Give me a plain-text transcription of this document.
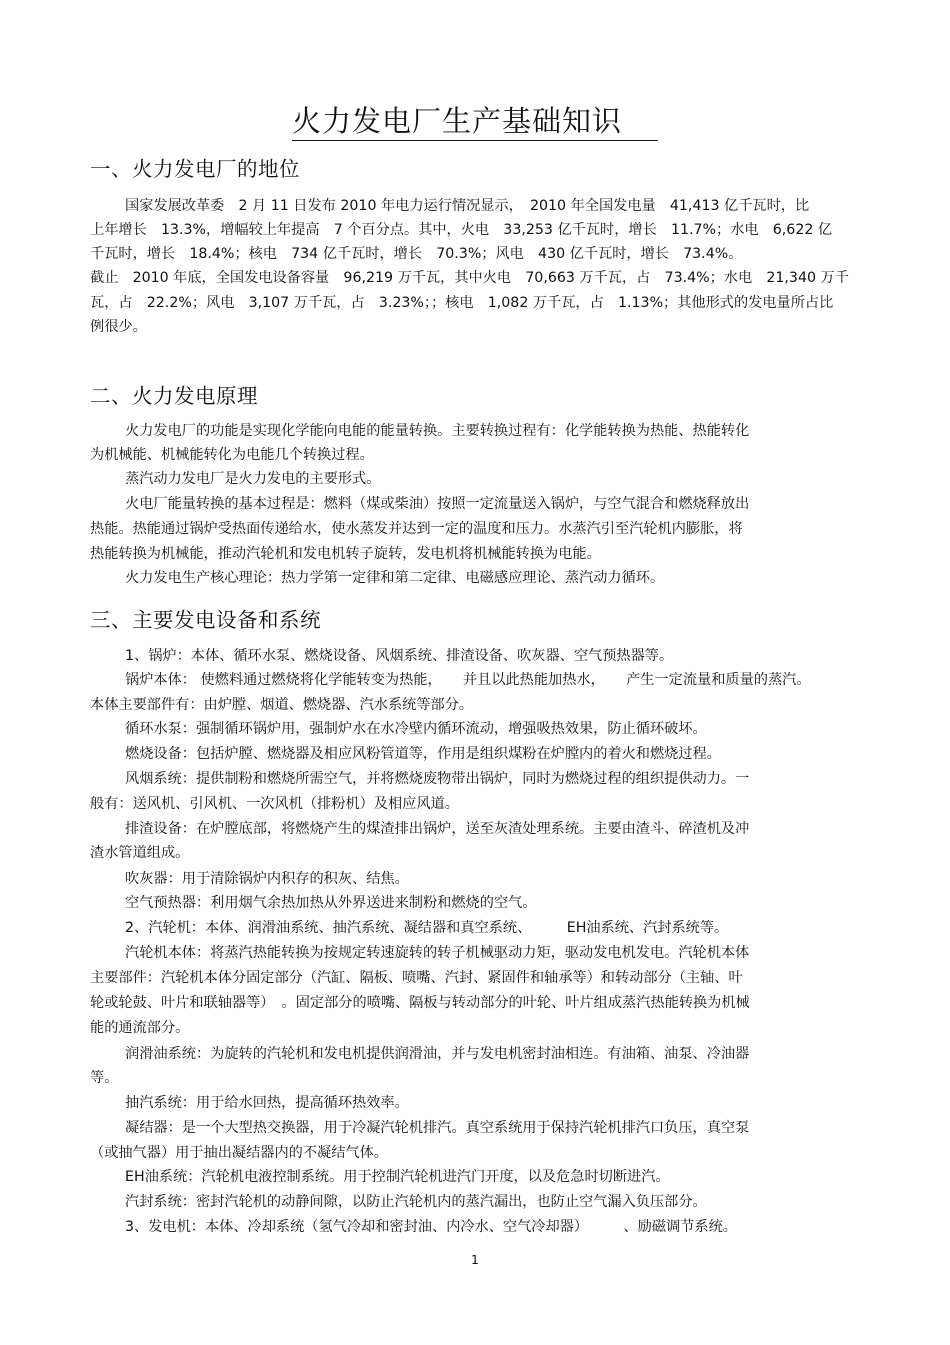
火力发电厂生产基础知识
一、火力发电厂的地位
二、火力发电原理
三、主要发电设备和系统
国家发展改革委　2 月 11 日发布 2010 年电力运行情况显示，　2010 年全国发电量　41,413 亿千瓦时，比
上年增长　13.3%，增幅较上年提高　7 个百分点。其中，火电　33,253 亿千瓦时，增长　11.7%；水电　6,622 亿
千瓦时，增长　18.4%；核电　734 亿千瓦时，增长　70.3%；风电　430 亿千瓦时，增长　73.4%。
截止　2010 年底，全国发电设备容量　96,219 万千瓦，其中火电　70,663 万千瓦，占　73.4%；水电　21,340 万千
瓦，占　22.2%；风电　3,107 万千瓦，占　3.23%；；核电　1,082 万千瓦，占　1.13%；其他形式的发电量所占比
例很少。
火力发电厂的功能是实现化学能向电能的能量转换。主要转换过程有：化学能转换为热能、热能转化
为机械能、机械能转化为电能几个转换过程。
蒸汽动力发电厂是火力发电的主要形式。
火电厂能量转换的基本过程是：燃料（煤或柴油）按照一定流量送入锅炉，与空气混合和燃烧释放出
热能。热能通过锅炉受热面传递给水，使水蒸发并达到一定的温度和压力。水蒸汽引至汽轮机内膨胀，将
热能转换为机械能，推动汽轮机和发电机转子旋转，发电机将机械能转换为电能。
火力发电生产核心理论：热力学第一定律和第二定律、电磁感应理论、蒸汽动力循环。
1、锅炉：本体、循环水泵、燃烧设备、风烟系统、排渣设备、吹灰器、空气预热器等。
锅炉本体： 使燃料通过燃烧将化学能转变为热能，　　并且以此热能加热水，　　产生一定流量和质量的蒸汽。
本体主要部件有：由炉膛、烟道、燃烧器、汽水系统等部分。
循环水泵：强制循环锅炉用，强制炉水在水冷壁内循环流动，增强吸热效果，防止循环破坏。
燃烧设备：包括炉膛、燃烧器及相应风粉管道等，作用是组织煤粉在炉膛内的着火和燃烧过程。
风烟系统：提供制粉和燃烧所需空气，并将燃烧废物带出锅炉，同时为燃烧过程的组织提供动力。一
般有：送风机、引风机、一次风机（排粉机）及相应风道。
排渣设备：在炉膛底部，将燃烧产生的煤渣排出锅炉，送至灰渣处理系统。主要由渣斗、碎渣机及冲
渣水管道组成。
吹灰器：用于清除锅炉内积存的积灰、结焦。
空气预热器：利用烟气余热加热从外界送进来制粉和燃烧的空气。
2、汽轮机：本体、润滑油系统、抽汽系统、凝结器和真空系统、　　　EH油系统、汽封系统等。
汽轮机本体：将蒸汽热能转换为按规定转速旋转的转子机械驱动力矩，驱动发电机发电。汽轮机本体
主要部件：汽轮机本体分固定部分（汽缸、隔板、喷嘴、汽封、紧固件和轴承等）和转动部分（主轴、叶
轮或轮鼓、叶片和联轴器等）　。固定部分的喷嘴、隔板与转动部分的叶轮、叶片组成蒸汽热能转换为机械
能的通流部分。
润滑油系统：为旋转的汽轮机和发电机提供润滑油，并与发电机密封油相连。有油箱、油泵、冷油器
等。
抽汽系统：用于给水回热，提高循环热效率。
凝结器：是一个大型热交换器，用于冷凝汽轮机排汽。真空系统用于保持汽轮机排汽口负压，真空泵
（或抽气器）用于抽出凝结器内的不凝结气体。
EH油系统：汽轮机电液控制系统。用于控制汽轮机进汽门开度，以及危急时切断进汽。
汽封系统：密封汽轮机的动静间隙，以防止汽轮机内的蒸汽漏出，也防止空气漏入负压部分。
3、发电机：本体、冷却系统（氢气冷却和密封油、内冷水、空气冷却器）　　　、励磁调节系统。
1
